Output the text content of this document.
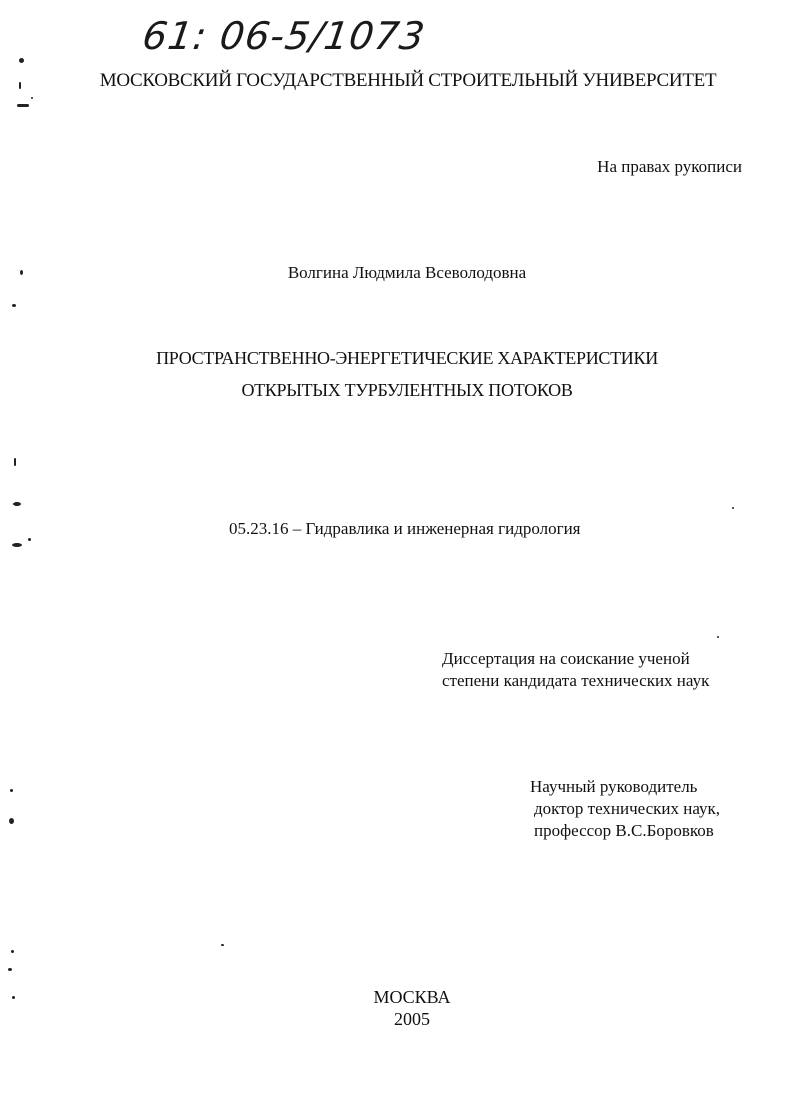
61: 06-5/1073
МОСКОВСКИЙ ГОСУДАРСТВЕННЫЙ СТРОИТЕЛЬНЫЙ УНИВЕРСИТЕТ
На правах рукописи
Волгина Людмила Всеволодовна
ПРОСТРАНСТВЕННО-ЭНЕРГЕТИЧЕСКИЕ ХАРАКТЕРИСТИКИ
ОТКРЫТЫХ ТУРБУЛЕНТНЫХ ПОТОКОВ
05.23.16 – Гидравлика и инженерная гидрология
Диссертация на соискание ученой
степени кандидата технических наук
Научный руководитель
доктор технических наук,
профессор В.С.Боровков
МОСКВА
2005
